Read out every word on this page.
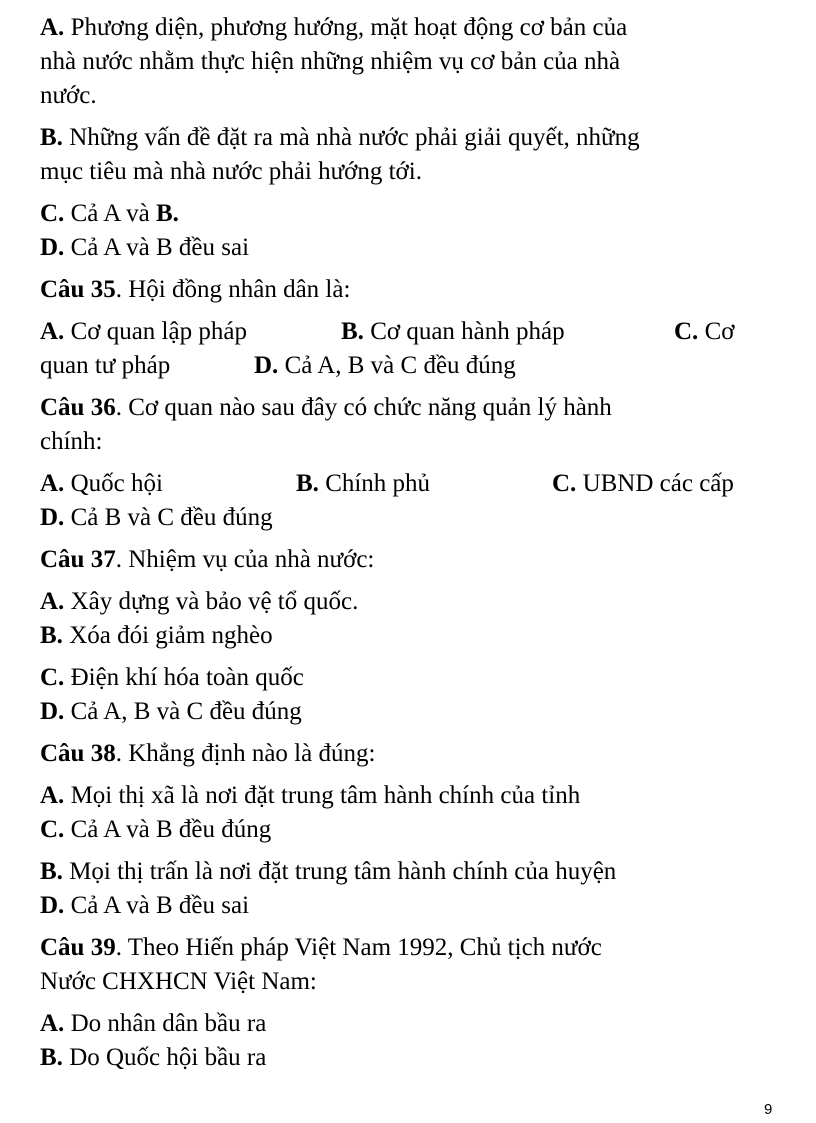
A. Phương diện, phương hướng, mặt hoạt động cơ bản của
nhà nước nhằm thực hiện những nhiệm vụ cơ bản của nhà
nước.

B. Những vấn đề đặt ra mà nhà nước phải giải quyết, những
mục tiêu mà nhà nước phải hướng tới.

C. Cả A và B.

D. Cả A và B đều sai

Câu 35. Hội đồng nhân dân là:

A. Cơ quan lập pháp	B. Cơ quan hành pháp	C. Cơ
quan tư pháp	D. Cả A, B và C đều đúng

Câu 36. Cơ quan nào sau đây có chức năng quản lý hành
chính:

A. Quốc hội	B. Chính phủ	C. UBND các cấp

D. Cả B và C đều đúng

Câu 37. Nhiệm vụ của nhà nước:

A. Xây dựng và bảo vệ tổ quốc.

B. Xóa đói giảm nghèo

C. Điện khí hóa toàn quốc

D. Cả A, B và C đều đúng

Câu 38. Khẳng định nào là đúng:

A. Mọi thị xã là nơi đặt trung tâm hành chính của tỉnh

C. Cả A và B đều đúng

B. Mọi thị trấn là nơi đặt trung tâm hành chính của huyện

D. Cả A và B đều sai

Câu 39. Theo Hiến pháp Việt Nam 1992, Chủ tịch nước
Nước CHXHCN Việt Nam:

A. Do nhân dân bầu ra

B. Do Quốc hội bầu ra

9
